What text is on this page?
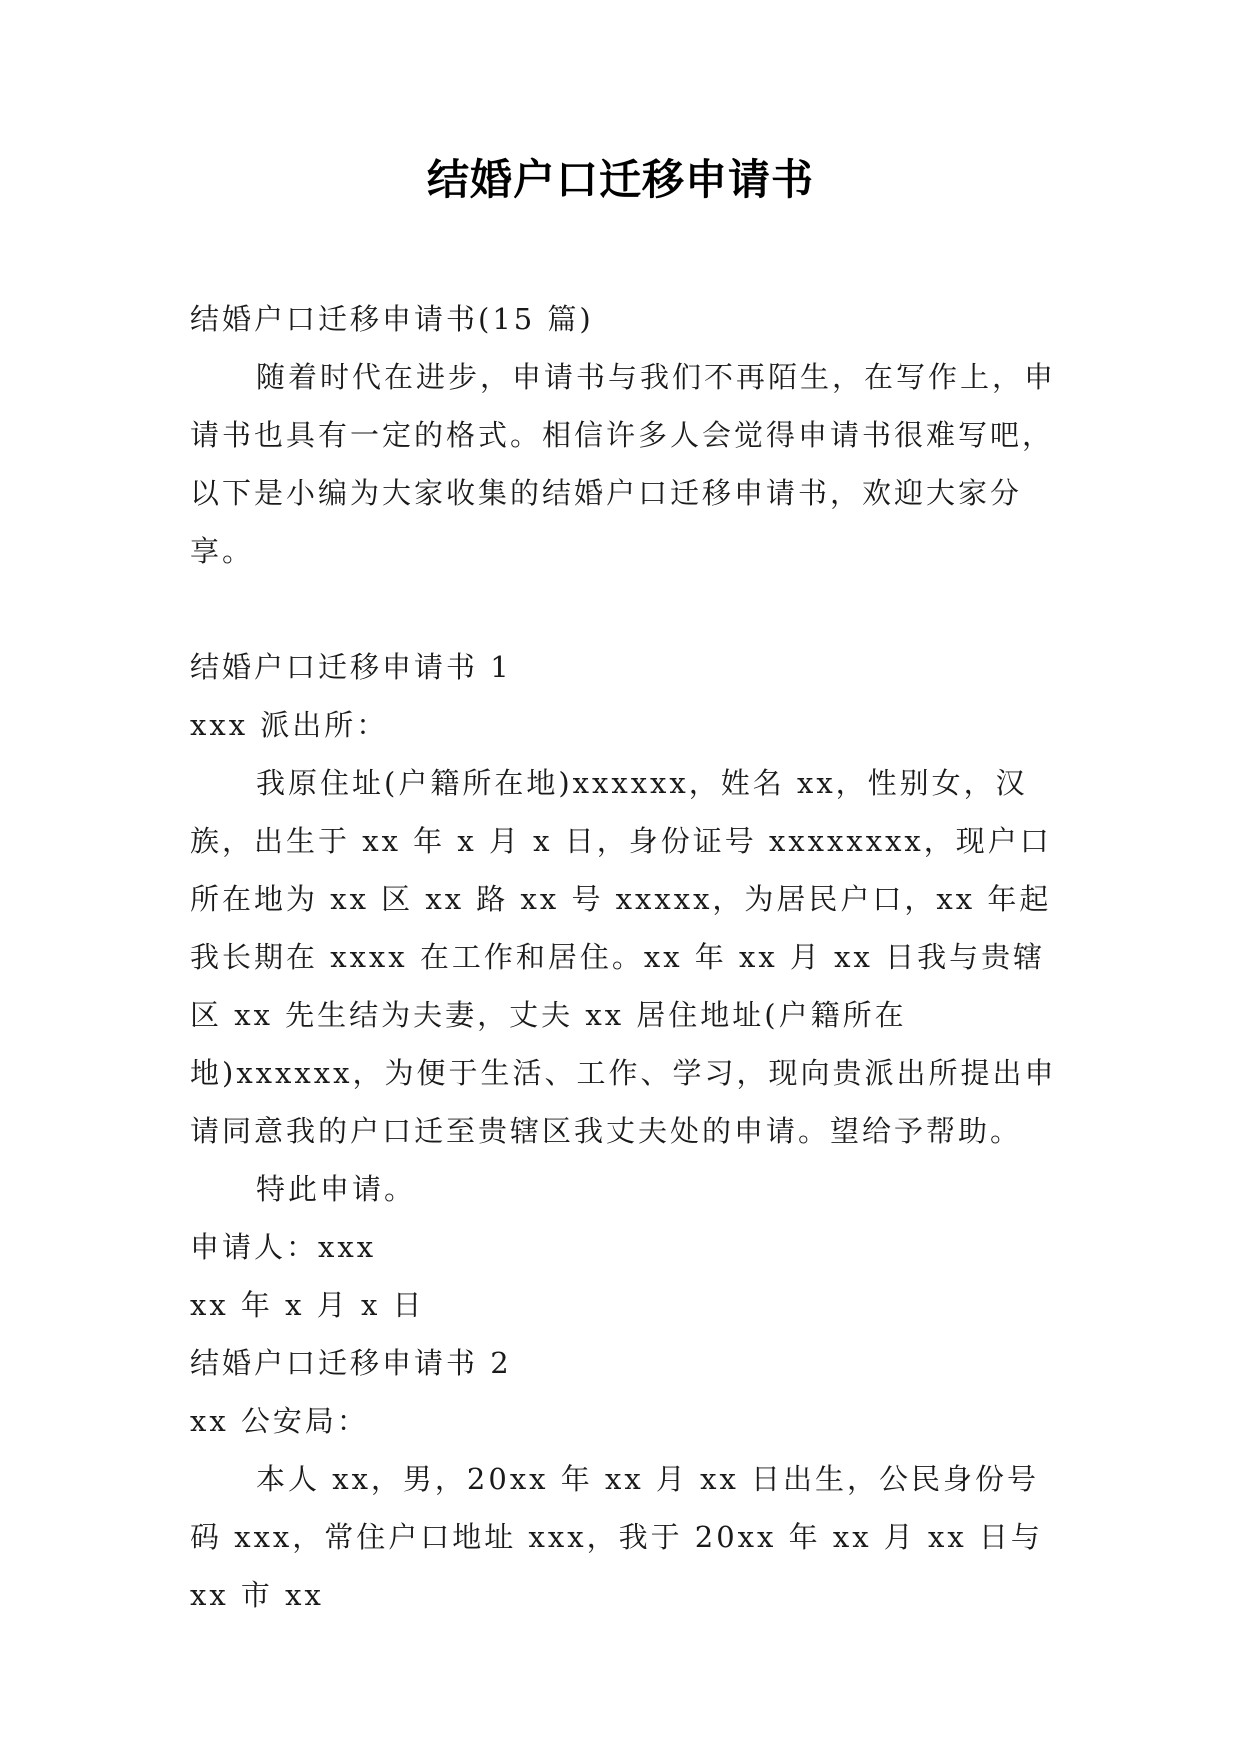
结婚户口迁移申请书

结婚户口迁移申请书(15 篇)

随着时代在进步，申请书与我们不再陌生，在写作上，申请书也具有一定的格式。相信许多人会觉得申请书很难写吧，以下是小编为大家收集的结婚户口迁移申请书，欢迎大家分享。

结婚户口迁移申请书 1

xxx 派出所：

我原住址(户籍所在地)xxxxxx，姓名 xx，性别女，汉族，出生于 xx 年 x 月 x 日，身份证号 xxxxxxxx，现户口所在地为 xx 区 xx 路 xx 号 xxxxx，为居民户口，xx 年起我长期在 xxxx 在工作和居住。xx 年 xx 月 xx 日我与贵辖区 xx 先生结为夫妻，丈夫 xx 居住地址(户籍所在地)xxxxxx，为便于生活、工作、学习，现向贵派出所提出申请同意我的户口迁至贵辖区我丈夫处的申请。望给予帮助。

特此申请。

申请人：xxx

xx 年 x 月 x 日

结婚户口迁移申请书 2

xx 公安局：

本人 xx，男，20xx 年 xx 月 xx 日出生，公民身份号码 xxx，常住户口地址 xxx，我于 20xx 年 xx 月 xx 日与 xx 市 xx
